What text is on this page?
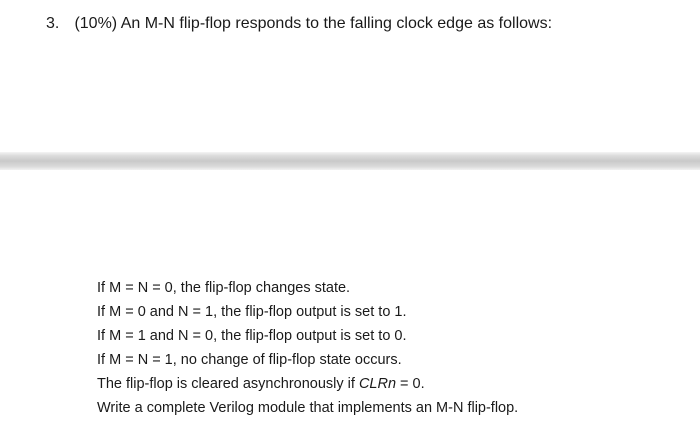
3. (10%) An M-N flip-flop responds to the falling clock edge as follows:
If M = N = 0, the flip-flop changes state.
If M = 0 and N = 1, the flip-flop output is set to 1.
If M = 1 and N = 0, the flip-flop output is set to 0.
If M = N = 1, no change of flip-flop state occurs.
The flip-flop is cleared asynchronously if CLRn = 0.
Write a complete Verilog module that implements an M-N flip-flop.
